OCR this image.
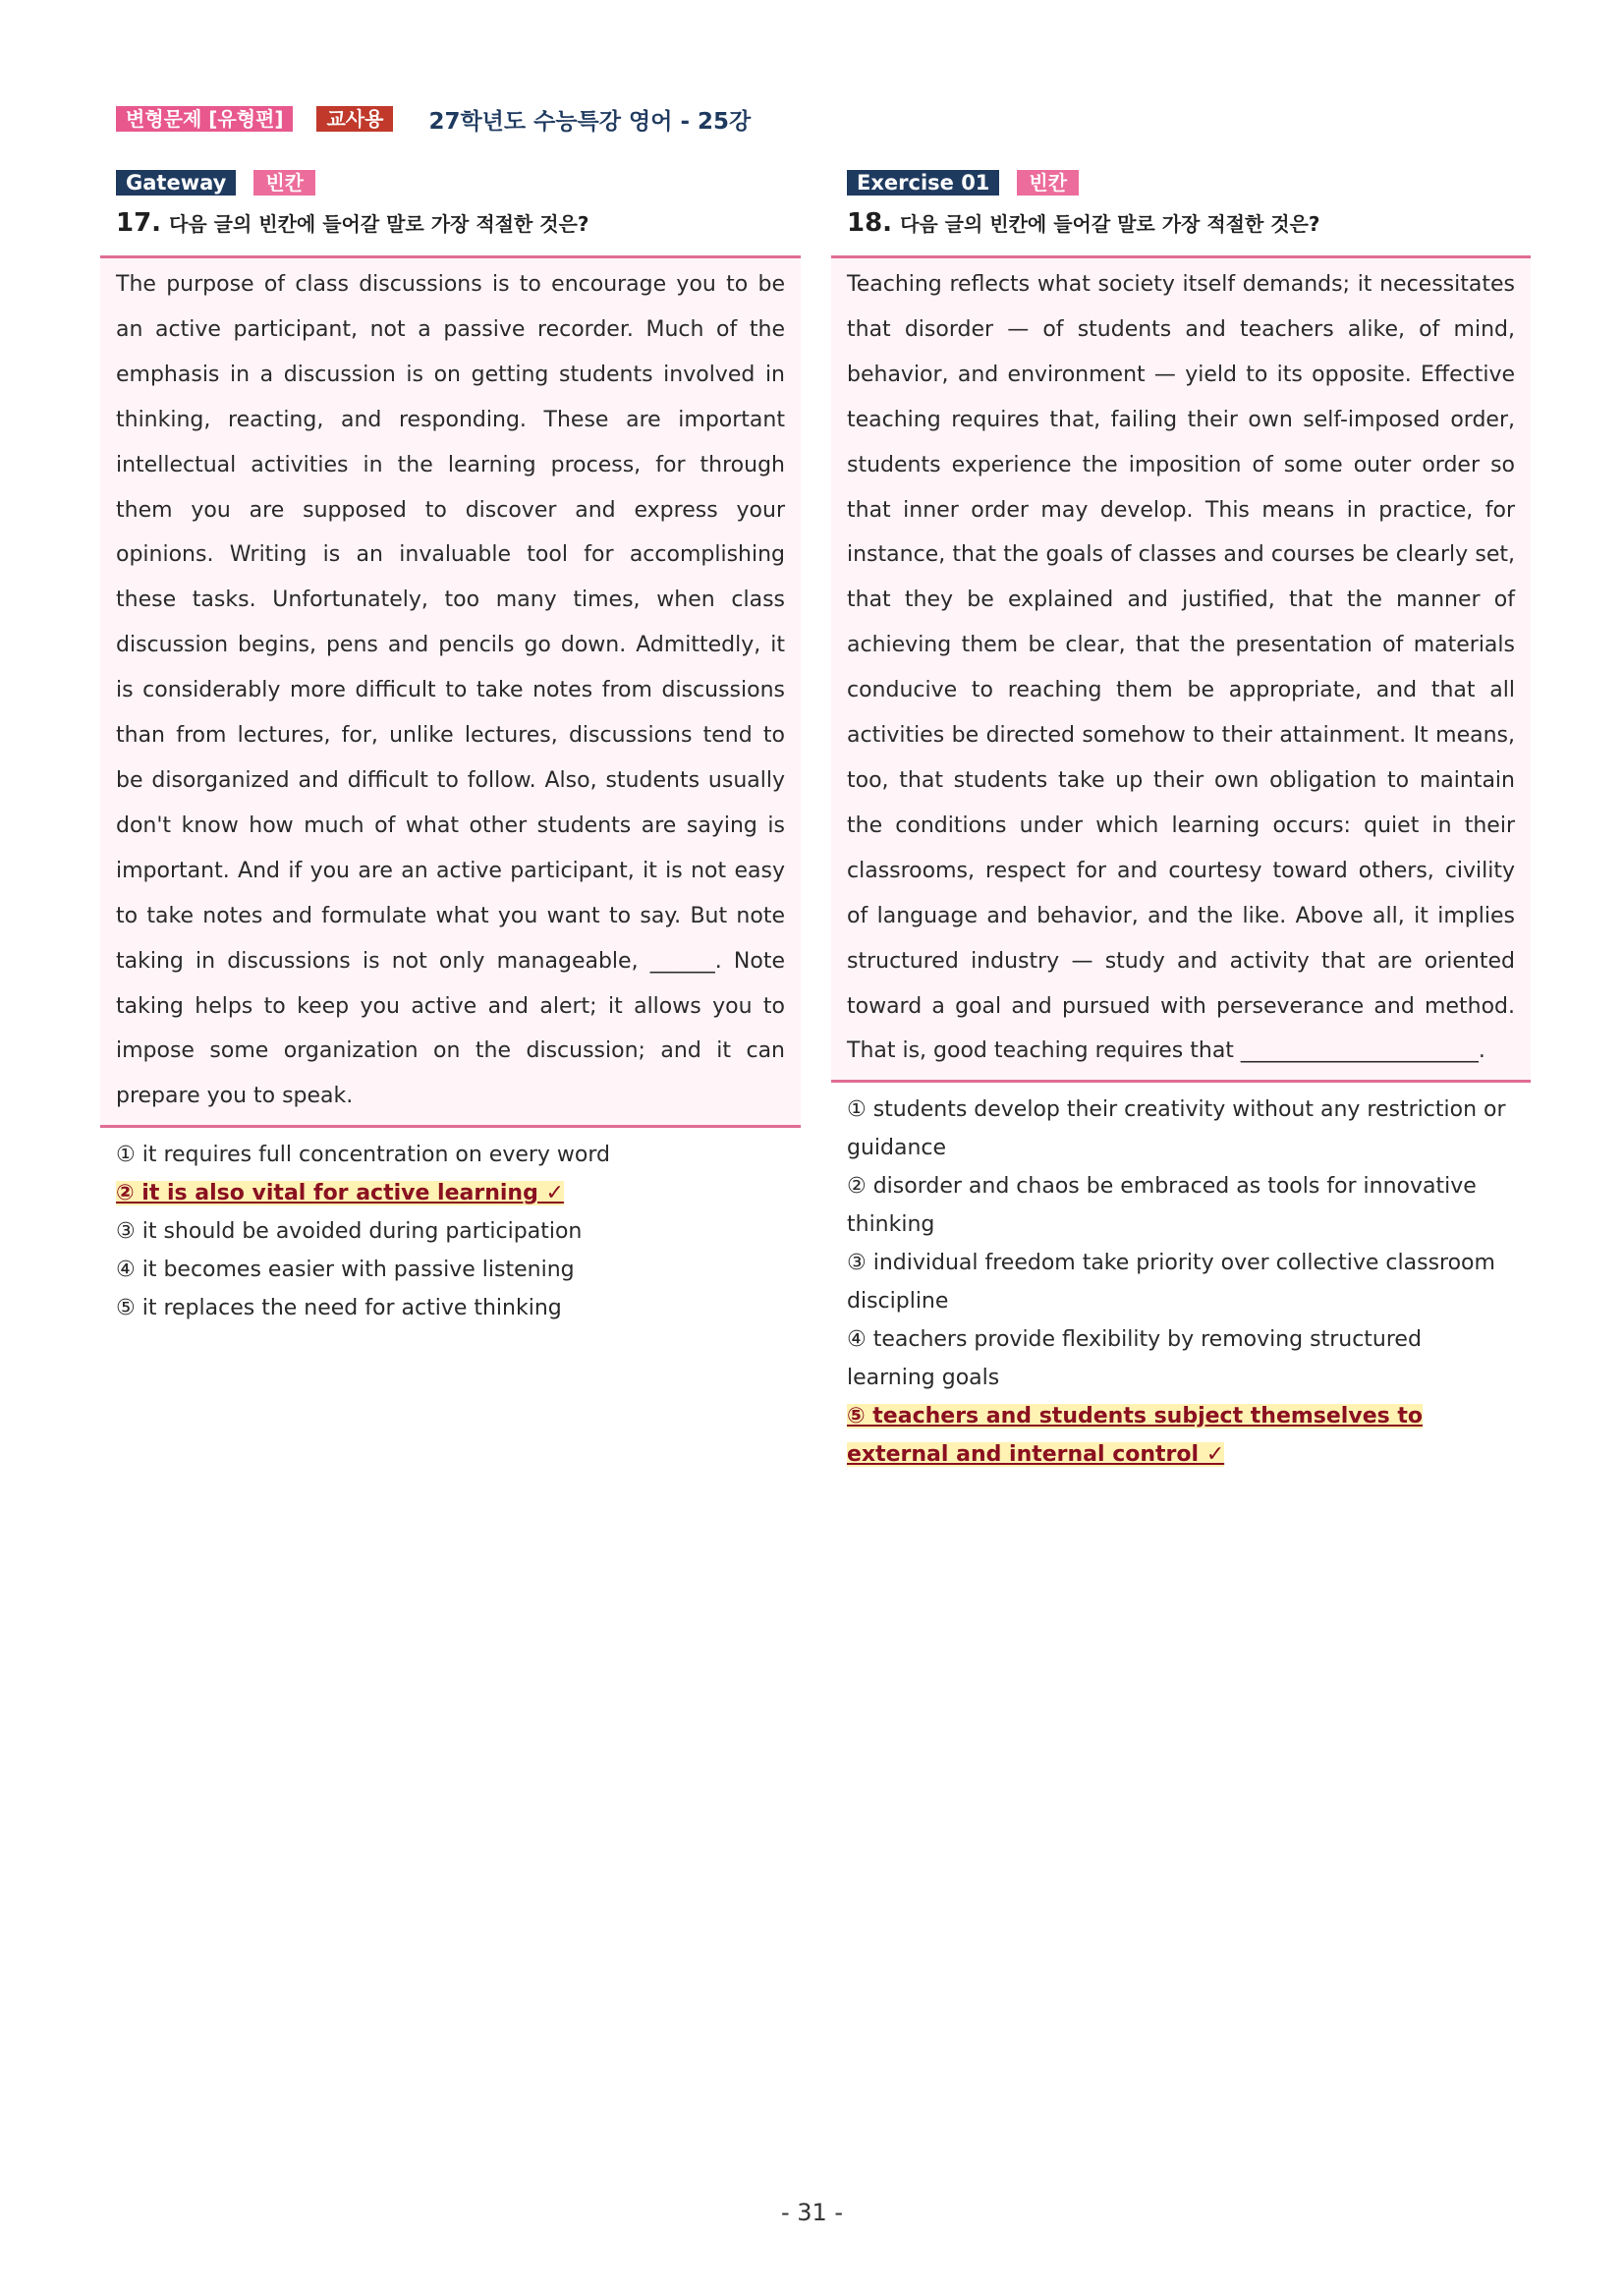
변형문제 [유형편]	교사용	27학년도 수능특강 영어 - 25강
Gateway	빈칸
17. 다음 글의 빈칸에 들어갈 말로 가장 적절한 것은?
The purpose of class discussions is to encourage you to be an active participant, not a passive recorder. Much of the emphasis in a discussion is on getting students involved in thinking, reacting, and responding. These are important intellectual activities in the learning process, for through them you are supposed to discover and express your opinions. Writing is an invaluable tool for accomplishing these tasks. Unfortunately, too many times, when class discussion begins, pens and pencils go down. Admittedly, it is considerably more difficult to take notes from discussions than from lectures, for, unlike lectures, discussions tend to be disorganized and difficult to follow. Also, students usually don't know how much of what other students are saying is important. And if you are an active participant, it is not easy to take notes and formulate what you want to say. But note taking in discussions is not only manageable, ______. Note taking helps to keep you active and alert; it allows you to impose some organization on the discussion; and it can prepare you to speak.
① it requires full concentration on every word
② it is also vital for active learning ✓
③ it should be avoided during participation
④ it becomes easier with passive listening
⑤ it replaces the need for active thinking
Exercise 01	빈칸
18. 다음 글의 빈칸에 들어갈 말로 가장 적절한 것은?
Teaching reflects what society itself demands; it necessitates that disorder — of students and teachers alike, of mind, behavior, and environment — yield to its opposite. Effective teaching requires that, failing their own self-imposed order, students experience the imposition of some outer order so that inner order may develop. This means in practice, for instance, that the goals of classes and courses be clearly set, that they be explained and justified, that the manner of achieving them be clear, that the presentation of materials conducive to reaching them be appropriate, and that all activities be directed somehow to their attainment. It means, too, that students take up their own obligation to maintain the conditions under which learning occurs: quiet in their classrooms, respect for and courtesy toward others, civility of language and behavior, and the like. Above all, it implies structured industry — study and activity that are oriented toward a goal and pursued with perseverance and method. That is, good teaching requires that ______________________.
① students develop their creativity without any restriction or guidance
② disorder and chaos be embraced as tools for innovative thinking
③ individual freedom take priority over collective classroom discipline
④ teachers provide flexibility by removing structured learning goals
⑤ teachers and students subject themselves to external and internal control ✓
- 31 -
